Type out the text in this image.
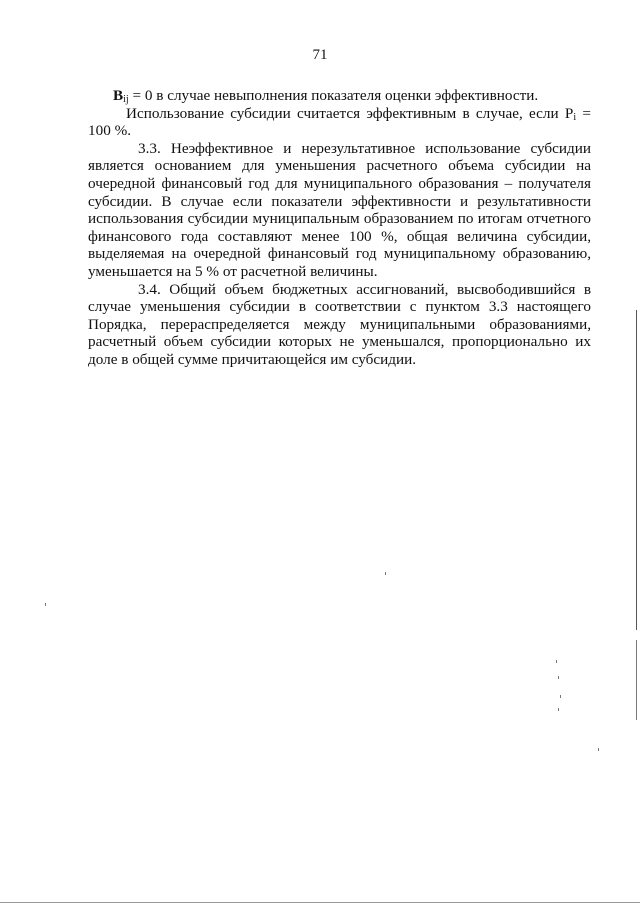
71

$B_{ij} = 0$ в случае невыполнения показателя оценки эффективности.

Использование субсидии считается эффективным в случае, если $P_i = 100$ %.

3.3. Неэффективное и нерезультативное использование субсидии является основанием для уменьшения расчетного объема субсидии на очередной финансовый год для муниципального образования – получателя субсидии. В случае если показатели эффективности и результативности использования субсидии муниципальным образованием по итогам отчетного финансового года составляют менее 100 %, общая величина субсидии, выделяемая на очередной финансовый год муниципальному образованию, уменьшается на 5 % от расчетной величины.

3.4. Общий объем бюджетных ассигнований, высвободившийся в случае уменьшения субсидии в соответствии с пунктом 3.3 настоящего Порядка, перераспределяется между муниципальными образованиями, расчетный объем субсидии которых не уменьшался, пропорционально их доле в общей сумме причитающейся им субсидии.
